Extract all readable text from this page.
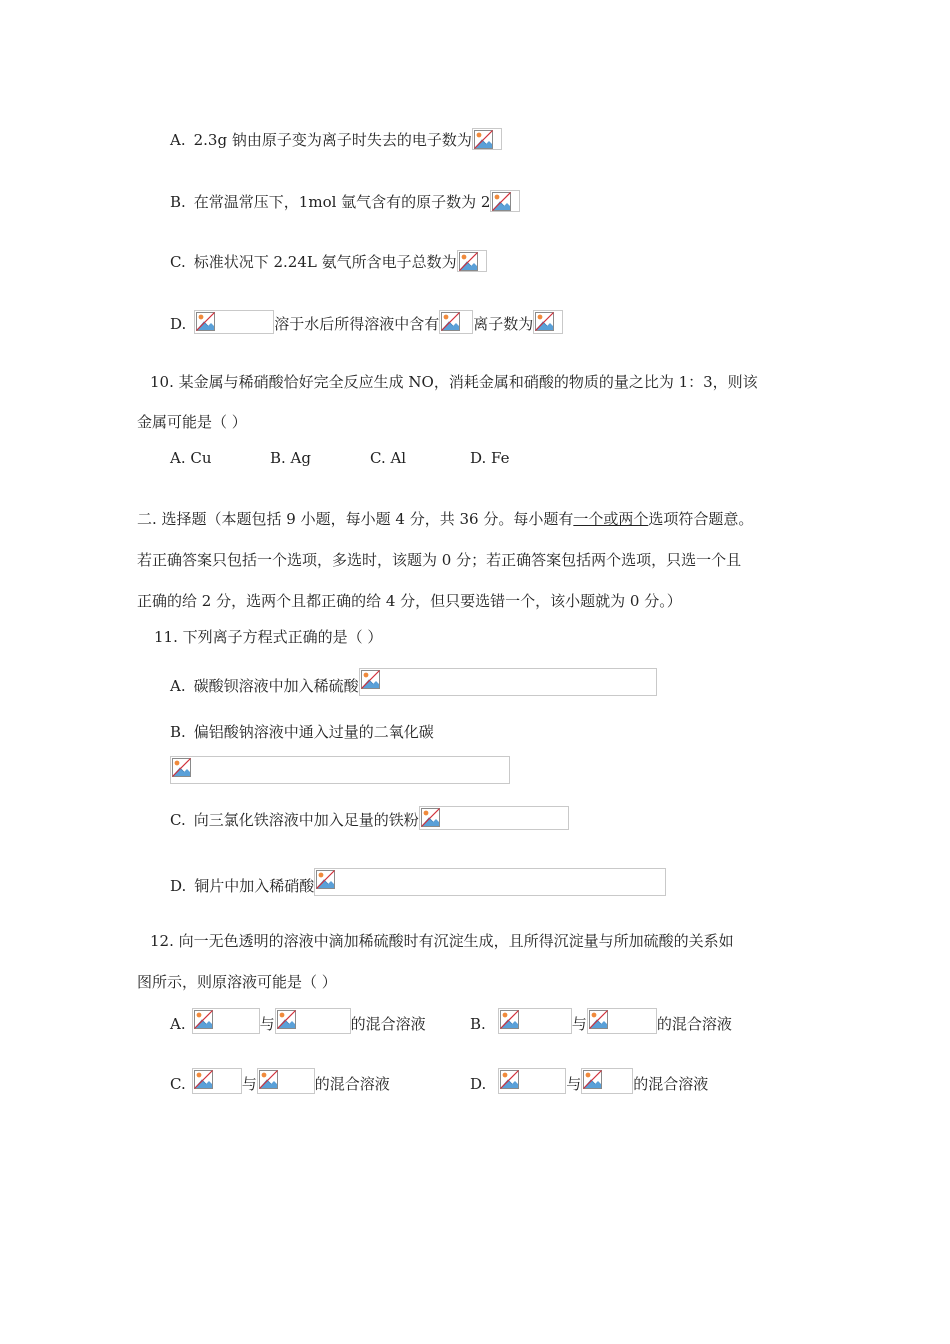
A. 2.3g 钠由原子变为离子时失去的电子数为
B. 在常温常压下，1mol 氩气含有的原子数为 2
C. 标准状况下 2.24L 氨气所含电子总数为
D.	溶于水后所得溶液中含有 离子数为
10. 某金属与稀硝酸恰好完全反应生成 NO，消耗金属和硝酸的物质的量之比为 1：3，则该
金属可能是（ ）
A. Cu	B. Ag	C. Al	D. Fe
二. 选择题（本题包括 9 小题，每小题 4 分，共 36 分。每小题有 一个或两个 选项符合题意。
若正确答案只包括一个选项，多选时，该题为 0 分；若正确答案包括两个选项，只选一个且
正确的给 2 分，选两个且都正确的给 4 分，但只要选错一个，该小题就为 0 分。）
11. 下列离子方程式正确的是（ ）
A. 碳酸钡溶液中加入稀硫酸
B. 偏铝酸钠溶液中通入过量的二氧化碳
C. 向三氯化铁溶液中加入足量的铁粉
D. 铜片中加入稀硝酸
12. 向一无色透明的溶液中滴加稀硫酸时有沉淀生成，且所得沉淀量与所加硫酸的关系如
图所示，则原溶液可能是（ ）
A.	与	的混合溶液	B.	与	的混合溶液
C.	与	的混合溶液	D.	与	的混合溶液
